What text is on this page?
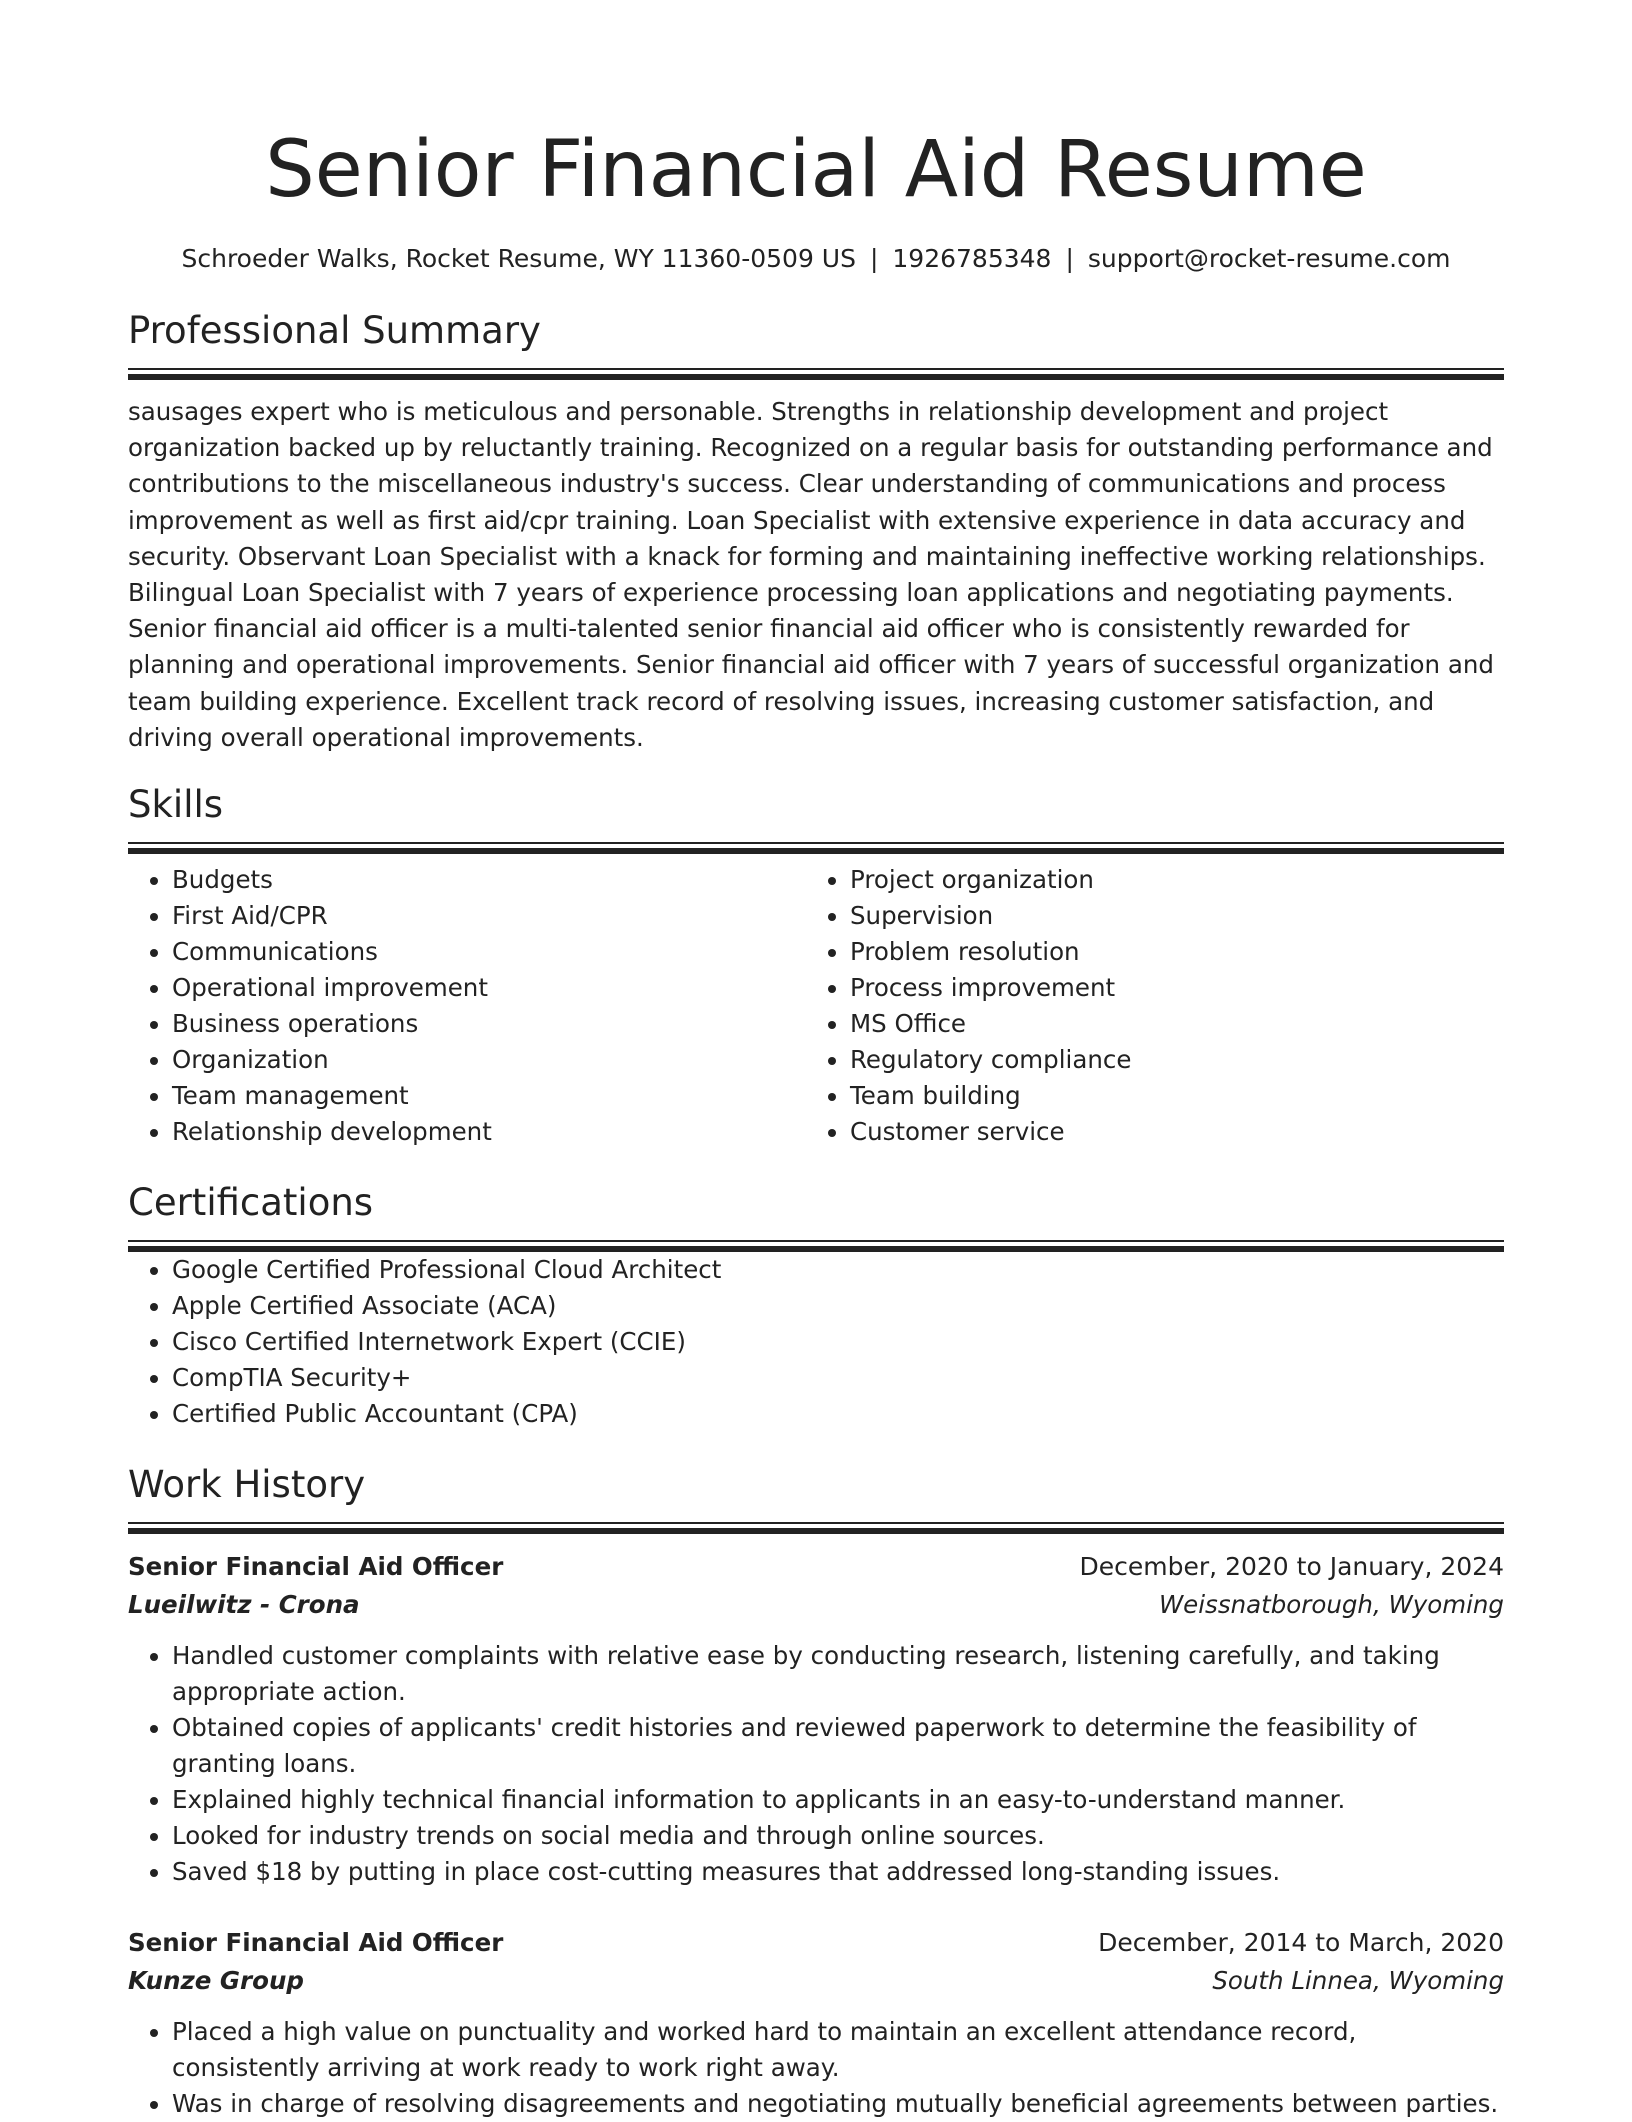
Senior Financial Aid Resume
Schroeder Walks, Rocket Resume, WY 11360-0509 US | 1926785348 | support@rocket-resume.com
Professional Summary

sausages expert who is meticulous and personable. Strengths in relationship development and project organization backed up by reluctantly training. Recognized on a regular basis for outstanding performance and contributions to the miscellaneous industry's success. Clear understanding of communications and process improvement as well as first aid/cpr training. Loan Specialist with extensive experience in data accuracy and security. Observant Loan Specialist with a knack for forming and maintaining ineffective working relationships. Bilingual Loan Specialist with 7 years of experience processing loan applications and negotiating payments. Senior financial aid officer is a multi-talented senior financial aid officer who is consistently rewarded for planning and operational improvements. Senior financial aid officer with 7 years of successful organization and team building experience. Excellent track record of resolving issues, increasing customer satisfaction, and driving overall operational improvements.

Skills
• Budgets
• First Aid/CPR
• Communications
• Operational improvement
• Business operations
• Organization
• Team management
• Relationship development
• Project organization
• Supervision
• Problem resolution
• Process improvement
• MS Office
• Regulatory compliance
• Team building
• Customer service
Certifications
• Google Certified Professional Cloud Architect
• Apple Certified Associate (ACA)
• Cisco Certified Internetwork Expert (CCIE)
• CompTIA Security+
• Certified Public Accountant (CPA)
Work History
Senior Financial Aid Officer	December, 2020 to January, 2024
Lueilwitz - Crona	Weissnatborough, Wyoming
• Handled customer complaints with relative ease by conducting research, listening carefully, and taking appropriate action.
• Obtained copies of applicants' credit histories and reviewed paperwork to determine the feasibility of granting loans.
• Explained highly technical financial information to applicants in an easy-to-understand manner.
• Looked for industry trends on social media and through online sources.
• Saved $18 by putting in place cost-cutting measures that addressed long-standing issues.
Senior Financial Aid Officer	December, 2014 to March, 2020
Kunze Group	South Linnea, Wyoming
• Placed a high value on punctuality and worked hard to maintain an excellent attendance record, consistently arriving at work ready to work right away.
• Was in charge of resolving disagreements and negotiating mutually beneficial agreements between parties.
